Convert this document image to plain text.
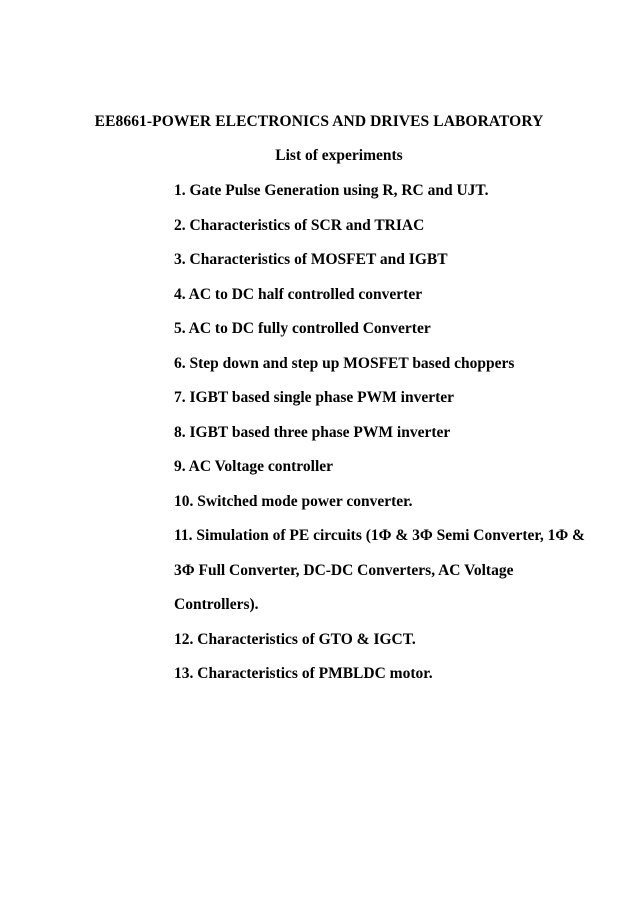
EE8661-POWER ELECTRONICS AND DRIVES LABORATORY
List of experiments
1. Gate Pulse Generation using R, RC and UJT.
2. Characteristics of SCR and TRIAC
3. Characteristics of MOSFET and IGBT
4. AC to DC half controlled converter
5. AC to DC fully controlled Converter
6. Step down and step up MOSFET based choppers
7. IGBT based single phase PWM inverter
8. IGBT based three phase PWM inverter
9. AC Voltage controller
10. Switched mode power converter.
11. Simulation of PE circuits (1Φ & 3Φ Semi Converter, 1Φ &
3Φ Full Converter, DC-DC Converters, AC Voltage
Controllers).
12. Characteristics of GTO & IGCT.
13. Characteristics of PMBLDC motor.
